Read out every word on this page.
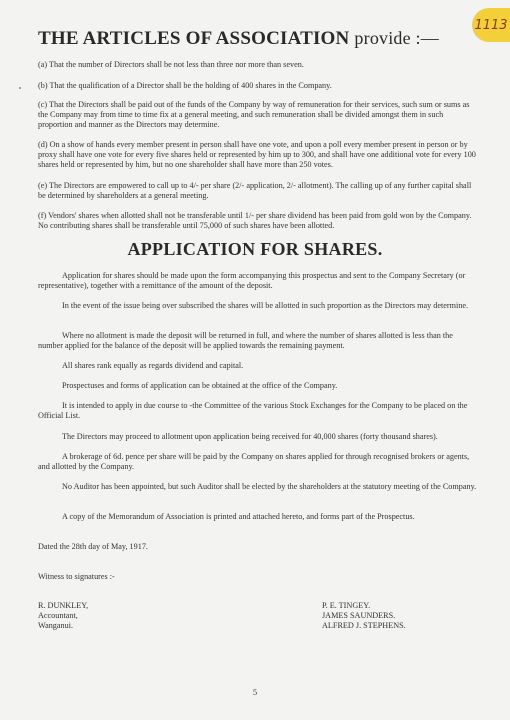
1113
THE ARTICLES OF ASSOCIATION provide :—

(a) That the number of Directors shall be not less than three nor more than seven.

(b) That the qualification of a Director shall be the holding of 400 shares in the Company.

(c) That the Directors shall be paid out of the funds of the Company by way of remuneration for their services, such sum or sums as the Company may from time to time fix at a general meeting, and such remuneration shall be divided amongst them in such proportion and manner as the Directors may determine.

(d) On a show of hands every member present in person shall have one vote, and upon a poll every member present in person or by proxy shall have one vote for every five shares held or represented by him up to 300, and shall have one additional vote for every 100 shares held or represented by him, but no one shareholder shall have more than 250 votes.

(e) The Directors are empowered to call up to 4/- per share (2/- application, 2/- allotment). The calling up of any further capital shall be determined by shareholders at a general meeting.

(f) Vendors' shares when allotted shall not be transferable until 1/- per share dividend has been paid from gold won by the Company. No contributing shares shall be transferable until 75,000 of such shares have been allotted.

APPLICATION FOR SHARES.

Application for shares should be made upon the form accompanying this prospectus and sent to the Company Secretary (or representative), together with a remittance of the amount of the deposit.

In the event of the issue being over subscribed the shares will be allotted in such proportion as the Directors may determine.

Where no allotment is made the deposit will be returned in full, and where the number of shares allotted is less than the number applied for the balance of the deposit will be applied towards the remaining payment.

All shares rank equally as regards dividend and capital.

Prospectuses and forms of application can be obtained at the office of the Company.

It is intended to apply in due course to -the Committee of the various Stock Exchanges for the Company to be placed on the Official List.

The Directors may proceed to allotment upon application being received for 40,000 shares (forty thousand shares).

A brokerage of 6d. pence per share will be paid by the Company on shares applied for through recognised brokers or agents, and allotted by the Company.

No Auditor has been appointed, but such Auditor shall be elected by the shareholders at the statutory meeting of the Company.

A copy of the Memorandum of Association is printed and attached hereto, and forms part of the Prospectus.

Dated the 28th day of May, 1917.

Witness to signatures :-

R. DUNKLEY,
Accountant,
Wanganui.
P. E. TINGEY.
JAMES SAUNDERS.
ALFRED J. STEPHENS.
5
